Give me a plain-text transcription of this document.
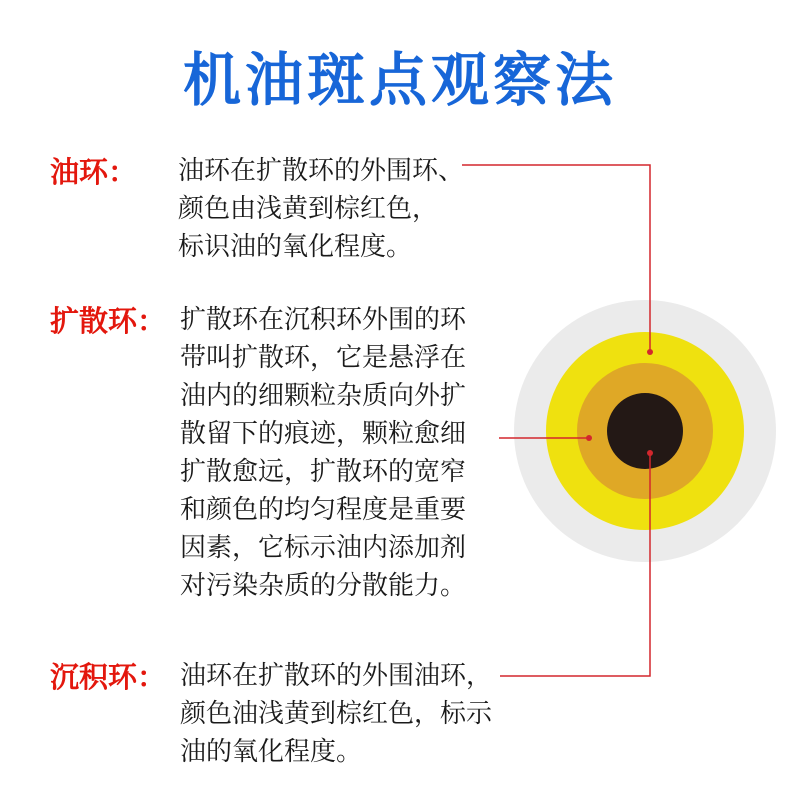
机油斑点观察法
油环： 油环在扩散环的外围环、
颜色由浅黄到棕红色，
标识油的氧化程度。
扩散环： 扩散环在沉积环外围的环
带叫扩散环，它是悬浮在
油内的细颗粒杂质向外扩
散留下的痕迹，颗粒愈细
扩散愈远，扩散环的宽窄
和颜色的均匀程度是重要
因素，它标示油内添加剂
对污染杂质的分散能力。
沉积环： 油环在扩散环的外围油环，
颜色油浅黄到棕红色，标示
油的氧化程度。
